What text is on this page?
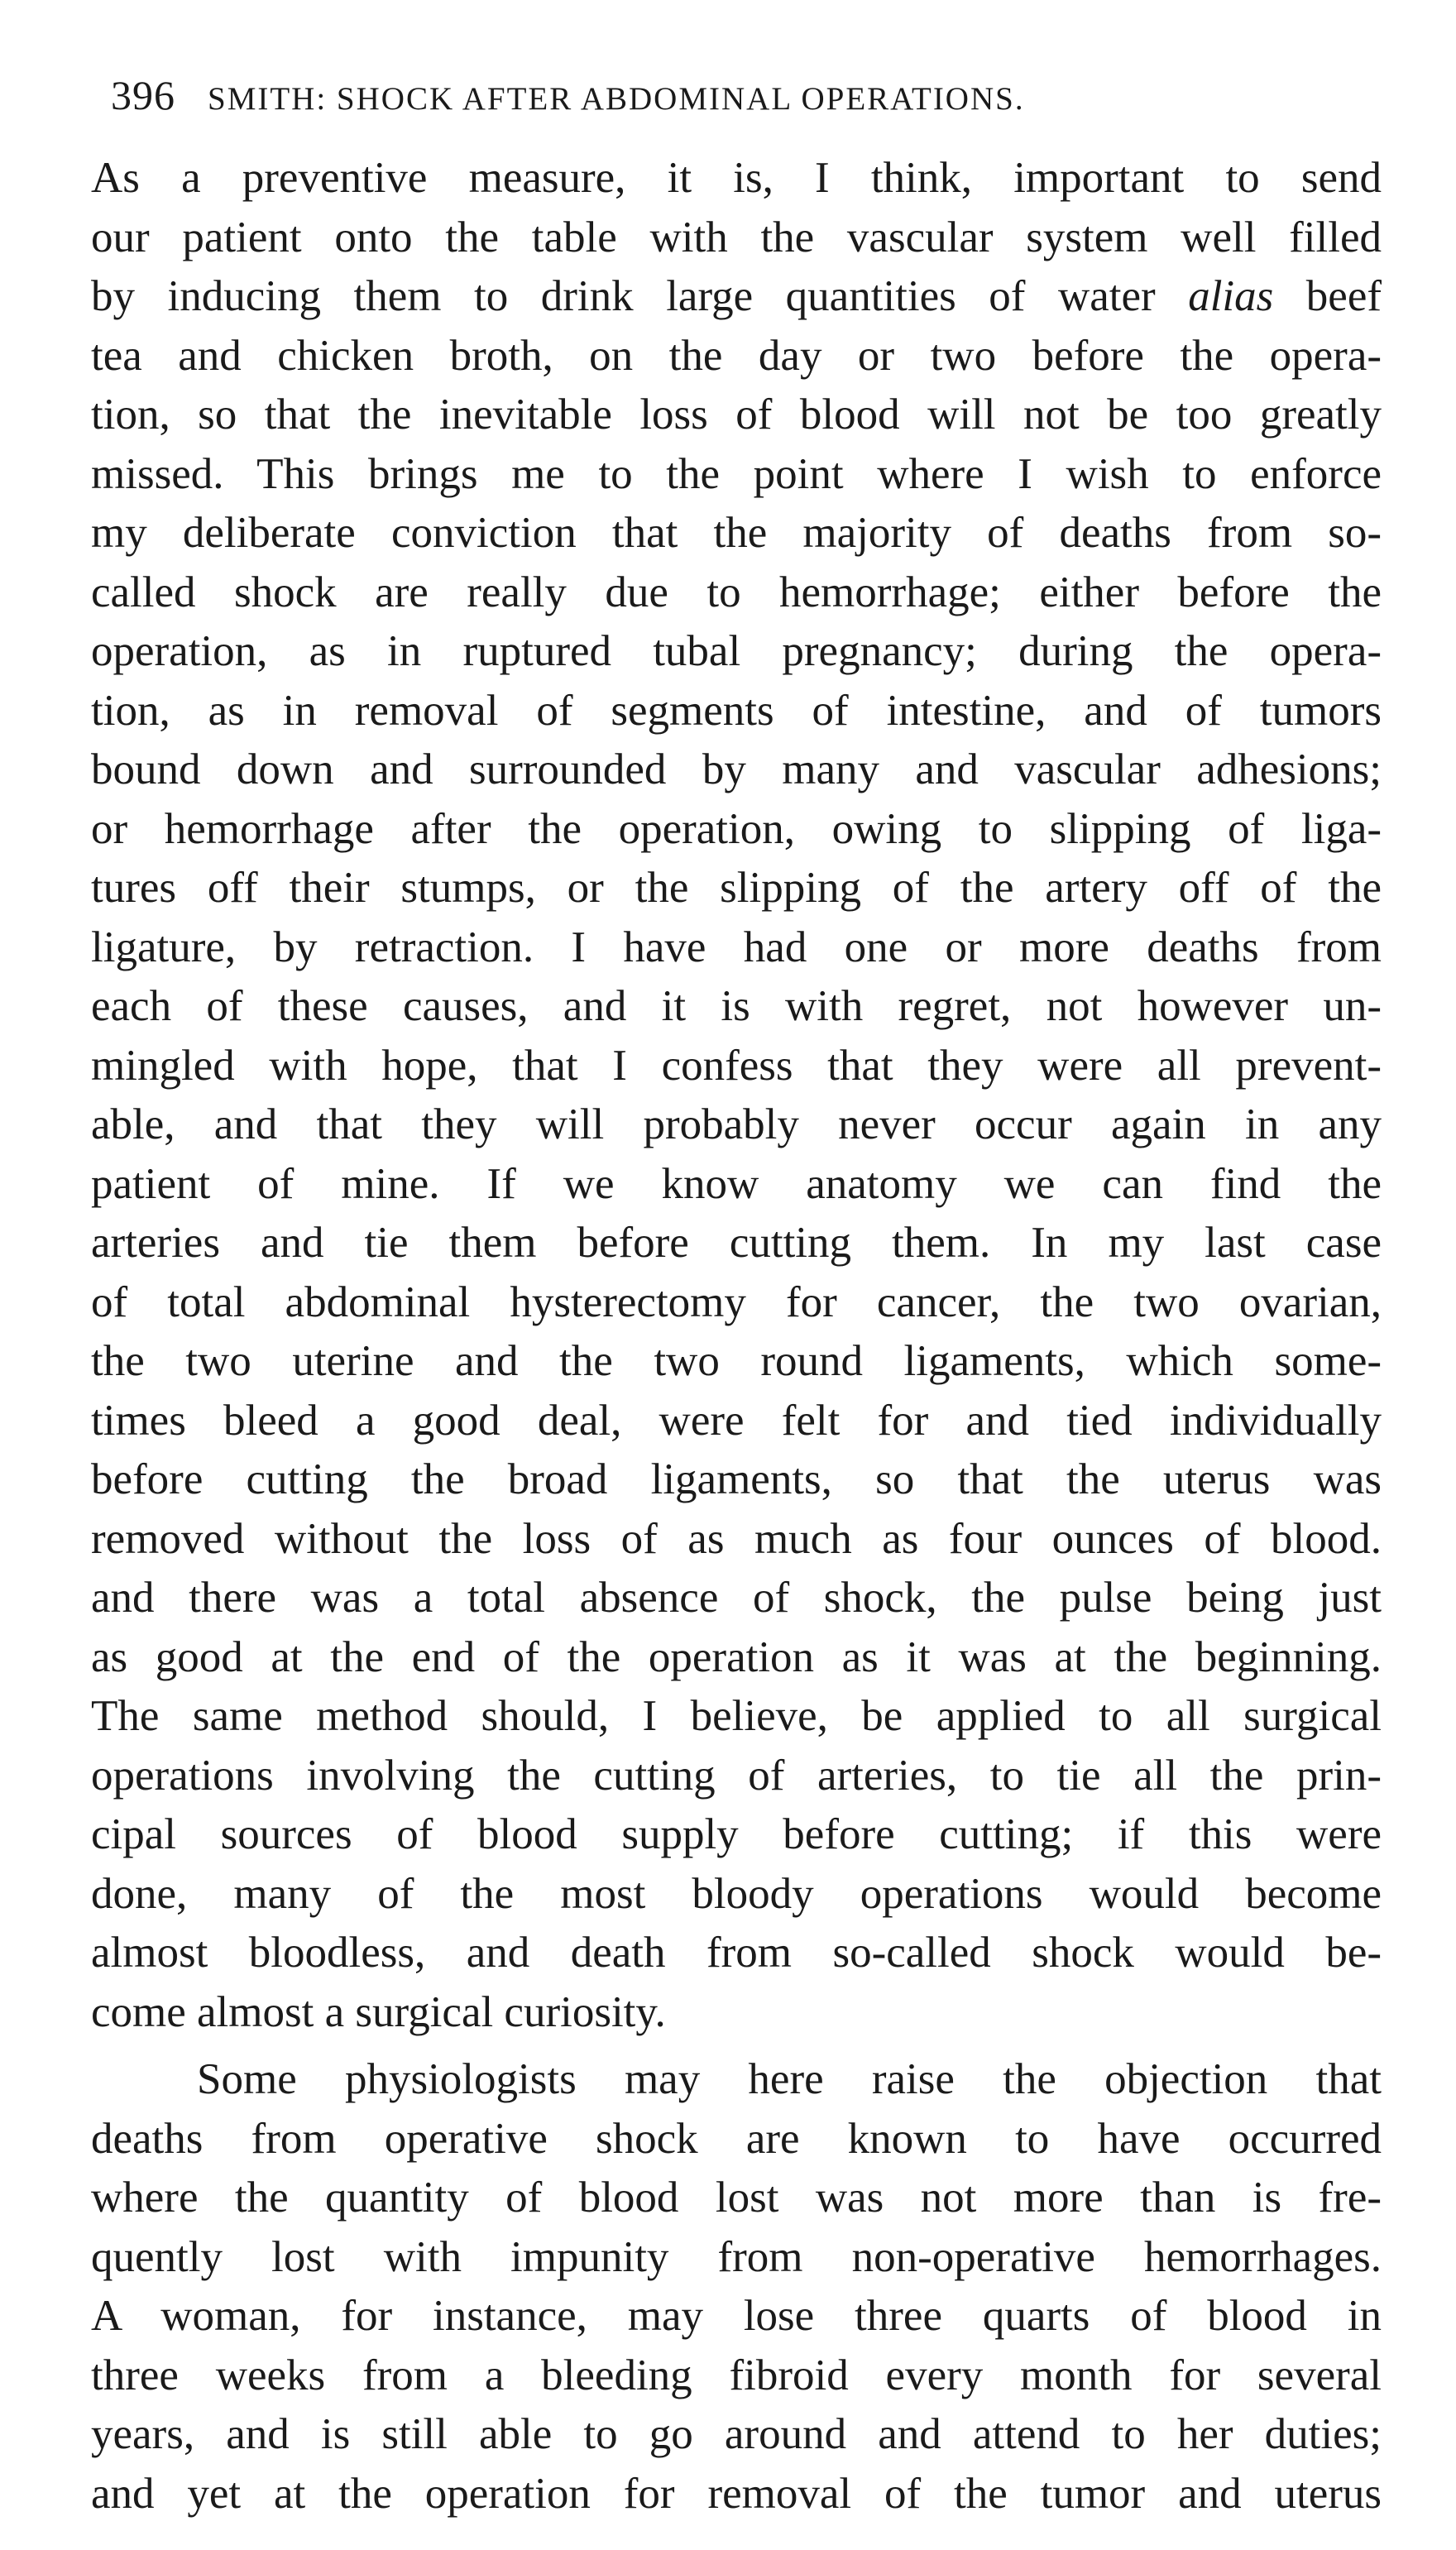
396 SMITH: SHOCK AFTER ABDOMINAL OPERATIONS.
As a preventive measure, it is, I think, important to send
our patient onto the table with the vascular system well filled
by inducing them to drink large quantities of water alias beef
tea and chicken broth, on the day or two before the opera-
tion, so that the inevitable loss of blood will not be too greatly
missed. This brings me to the point where I wish to enforce
my deliberate conviction that the majority of deaths from so-
called shock are really due to hemorrhage; either before the
operation, as in ruptured tubal pregnancy; during the opera-
tion, as in removal of segments of intestine, and of tumors
bound down and surrounded by many and vascular adhesions;
or hemorrhage after the operation, owing to slipping of liga-
tures off their stumps, or the slipping of the artery off of the
ligature, by retraction. I have had one or more deaths from
each of these causes, and it is with regret, not however un-
mingled with hope, that I confess that they were all prevent-
able, and that they will probably never occur again in any
patient of mine. If we know anatomy we can find the
arteries and tie them before cutting them. In my last case
of total abdominal hysterectomy for cancer, the two ovarian,
the two uterine and the two round ligaments, which some-
times bleed a good deal, were felt for and tied individually
before cutting the broad ligaments, so that the uterus was
removed without the loss of as much as four ounces of blood.
and there was a total absence of shock, the pulse being just
as good at the end of the operation as it was at the beginning.
The same method should, I believe, be applied to all surgical
operations involving the cutting of arteries, to tie all the prin-
cipal sources of blood supply before cutting; if this were
done, many of the most bloody operations would become
almost bloodless, and death from so-called shock would be-
come almost a surgical curiosity.
Some physiologists may here raise the objection that
deaths from operative shock are known to have occurred
where the quantity of blood lost was not more than is fre-
quently lost with impunity from non-operative hemorrhages.
A woman, for instance, may lose three quarts of blood in
three weeks from a bleeding fibroid every month for several
years, and is still able to go around and attend to her duties;
and yet at the operation for removal of the tumor and uterus
